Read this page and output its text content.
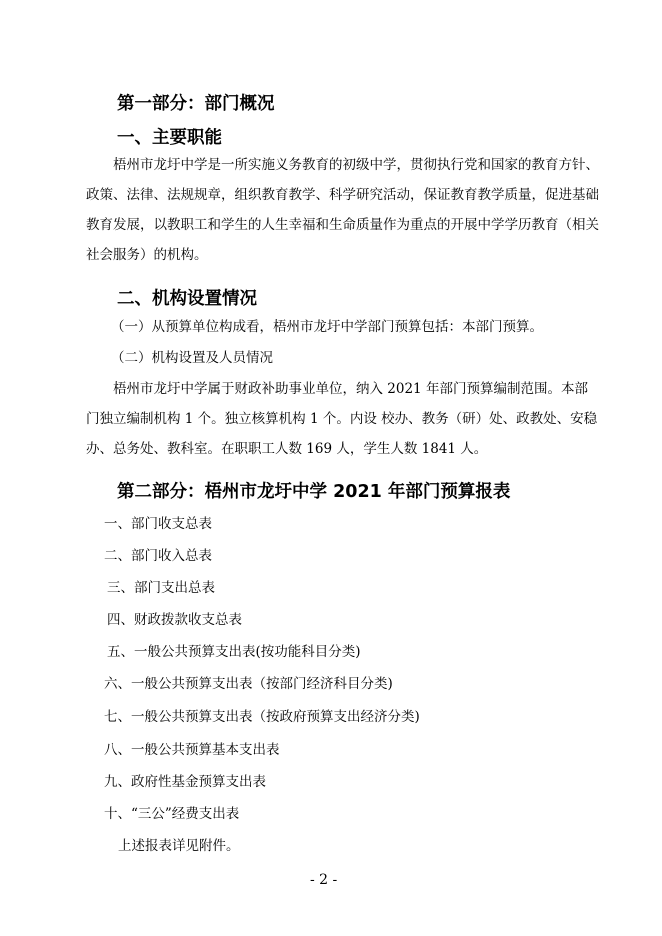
第一部分：部门概况
一、主要职能
梧州市龙圩中学是一所实施义务教育的初级中学，贯彻执行党和国家的教育方针、政策、法律、法规规章，组织教育教学、科学研究活动，保证教育教学质量，促进基础教育发展，以教职工和学生的人生幸福和生命质量作为重点的开展中学学历教育（相关社会服务）的机构。
二、机构设置情况
（一）从预算单位构成看，梧州市龙圩中学部门预算包括：本部门预算。
（二）机构设置及人员情况
梧州市龙圩中学属于财政补助事业单位，纳入 2021 年部门预算编制范围。本部门独立编制机构 1 个。独立核算机构 1 个。内设 校办、教务（研）处、政教处、安稳办、总务处、教科室。在职职工人数 169 人，学生人数 1841 人。
第二部分：梧州市龙圩中学 2021 年部门预算报表
一、部门收支总表
二、部门收入总表
三、部门支出总表
四、财政拨款收支总表
五、一般公共预算支出表(按功能科目分类)
六、一般公共预算支出表（按部门经济科目分类)
七、一般公共预算支出表（按政府预算支出经济分类)
八、一般公共预算基本支出表
九、政府性基金预算支出表
十、“三公”经费支出表
上述报表详见附件。
- 2 -
